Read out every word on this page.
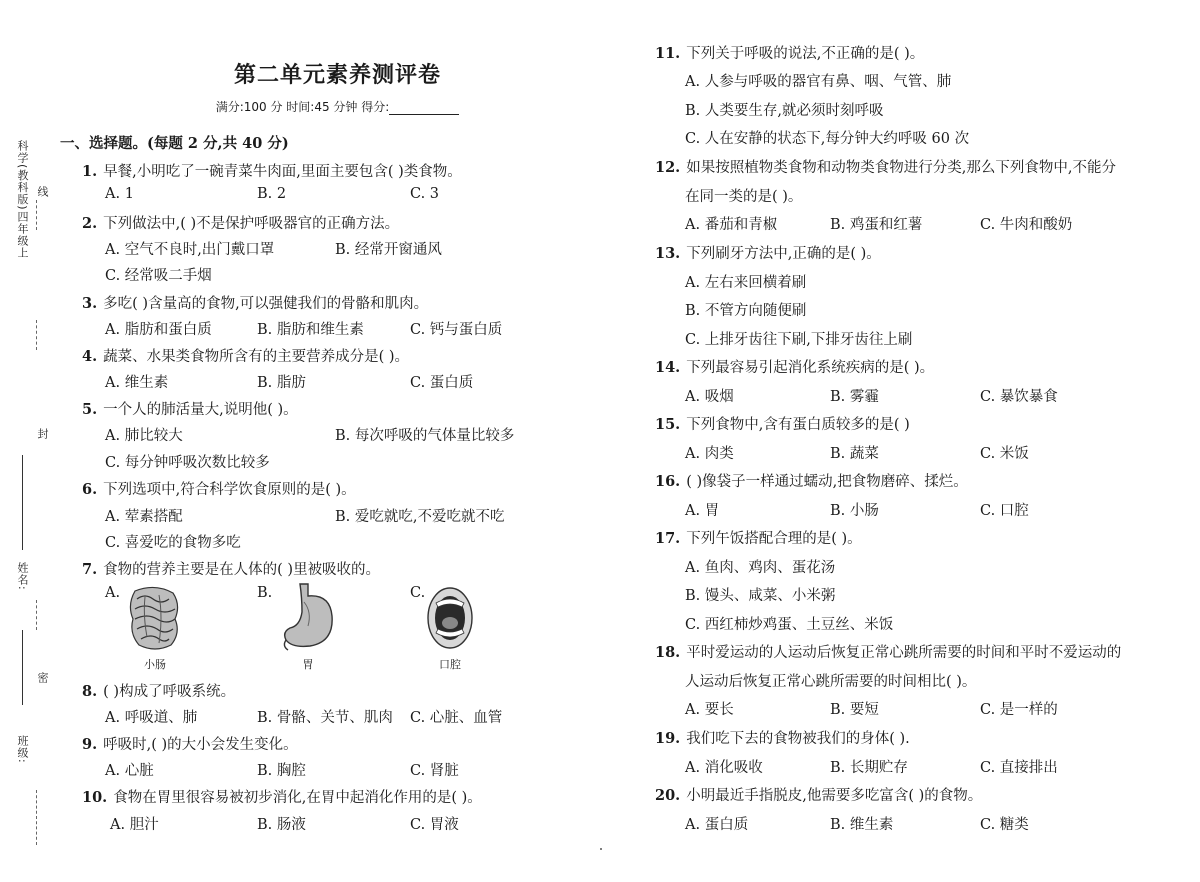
科学(教科版)四年级上 线
封
姓名:
密
班级:
第二单元素养测评卷
满分:100 分 时间:45 分钟 得分:
一、选择题。(每题 2 分,共 40 分)
1. 早餐,小明吃了一碗青菜牛肉面,里面主要包含( )类食物。
A. 1	B. 2	C. 3
2. 下列做法中,( )不是保护呼吸器官的正确方法。
A. 空气不良时,出门戴口罩	B. 经常开窗通风
C. 经常吸二手烟
3. 多吃( )含量高的食物,可以强健我们的骨骼和肌肉。
A. 脂肪和蛋白质	B. 脂肪和维生素	C. 钙与蛋白质
4. 蔬菜、水果类食物所含有的主要营养成分是( )。
A. 维生素	B. 脂肪	C. 蛋白质
5. 一个人的肺活量大,说明他( )。
A. 肺比较大	B. 每次呼吸的气体量比较多
C. 每分钟呼吸次数比较多
6. 下列选项中,符合科学饮食原则的是( )。
A. 荤素搭配	B. 爱吃就吃,不爱吃就不吃
C. 喜爱吃的食物多吃
7. 食物的营养主要是在人体的( )里被吸收的。
A.	B.	C.
小肠	胃	口腔
8. ( )构成了呼吸系统。
A. 呼吸道、肺	B. 骨骼、关节、肌肉 C. 心脏、血管
9. 呼吸时,( )的大小会发生变化。
A. 心脏	B. 胸腔	C. 肾脏
10. 食物在胃里很容易被初步消化,在胃中起消化作用的是( )。
A. 胆汁	B. 肠液	C. 胃液
11. 下列关于呼吸的说法,不正确的是( )。
A. 人参与呼吸的器官有鼻、咽、气管、肺
B. 人类要生存,就必须时刻呼吸
C. 人在安静的状态下,每分钟大约呼吸 60 次
12. 如果按照植物类食物和动物类食物进行分类,那么下列食物中,不能分
在同一类的是( )。
A. 番茄和青椒	B. 鸡蛋和红薯	C. 牛肉和酸奶
13. 下列刷牙方法中,正确的是( )。
A. 左右来回横着刷
B. 不管方向随便刷
C. 上排牙齿往下刷,下排牙齿往上刷
14. 下列最容易引起消化系统疾病的是( )。
A. 吸烟	B. 雾霾	C. 暴饮暴食
15. 下列食物中,含有蛋白质较多的是( )
A. 肉类	B. 蔬菜	C. 米饭
16. ( )像袋子一样通过蠕动,把食物磨碎、揉烂。
A. 胃	B. 小肠	C. 口腔
17. 下列午饭搭配合理的是( )。
A. 鱼肉、鸡肉、蛋花汤
B. 馒头、咸菜、小米粥
C. 西红柿炒鸡蛋、土豆丝、米饭
18. 平时爱运动的人运动后恢复正常心跳所需要的时间和平时不爱运动的
人运动后恢复正常心跳所需要的时间相比( )。
A. 要长	B. 要短	C. 是一样的
19. 我们吃下去的食物被我们的身体( ).
A. 消化吸收	B. 长期贮存	C. 直接排出
20. 小明最近手指脱皮,他需要多吃富含( )的食物。
A. 蛋白质	B. 维生素	C. 糖类
